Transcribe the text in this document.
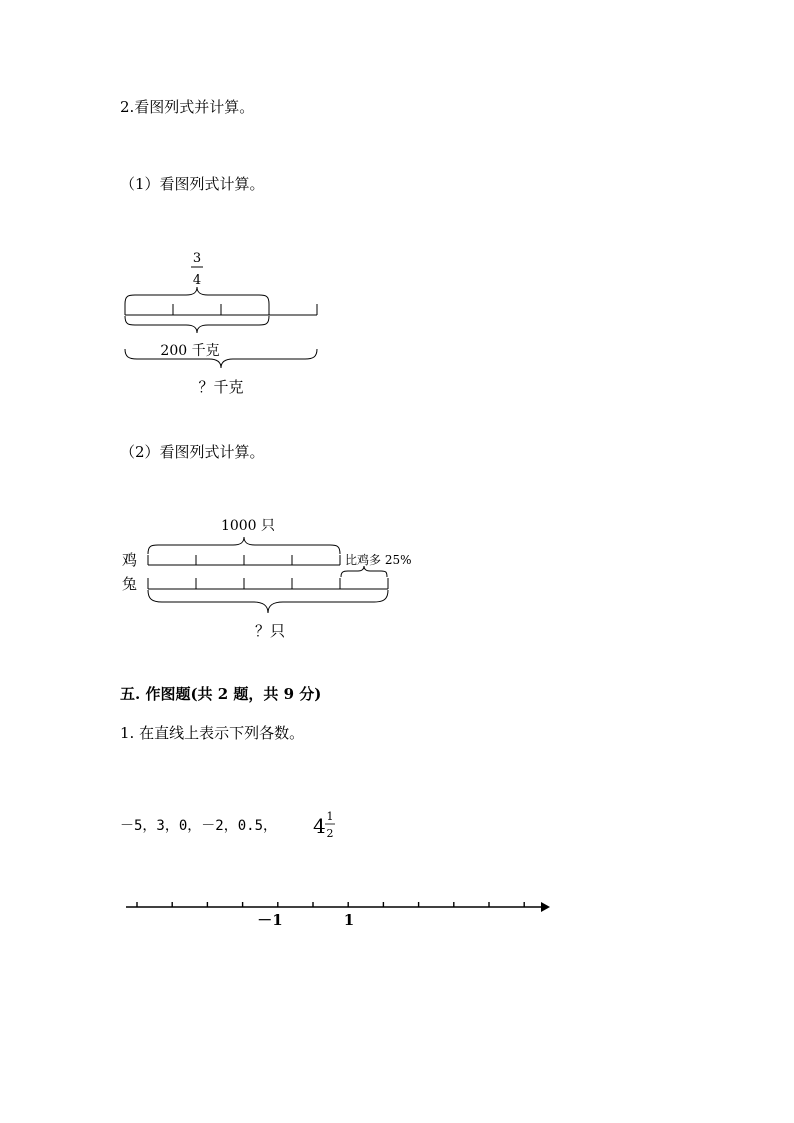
2.看图列式并计算。
（1）看图列式计算。
3
4
200 千克
？千克
（2）看图列式计算。
1000 只
鸡
兔
比鸡多 25%
？只
五. 作图题(共 2 题，共 9 分)
1. 在直线上表示下列各数。
－5，3，0，－2，0.5， 4 1
2
－1	1
